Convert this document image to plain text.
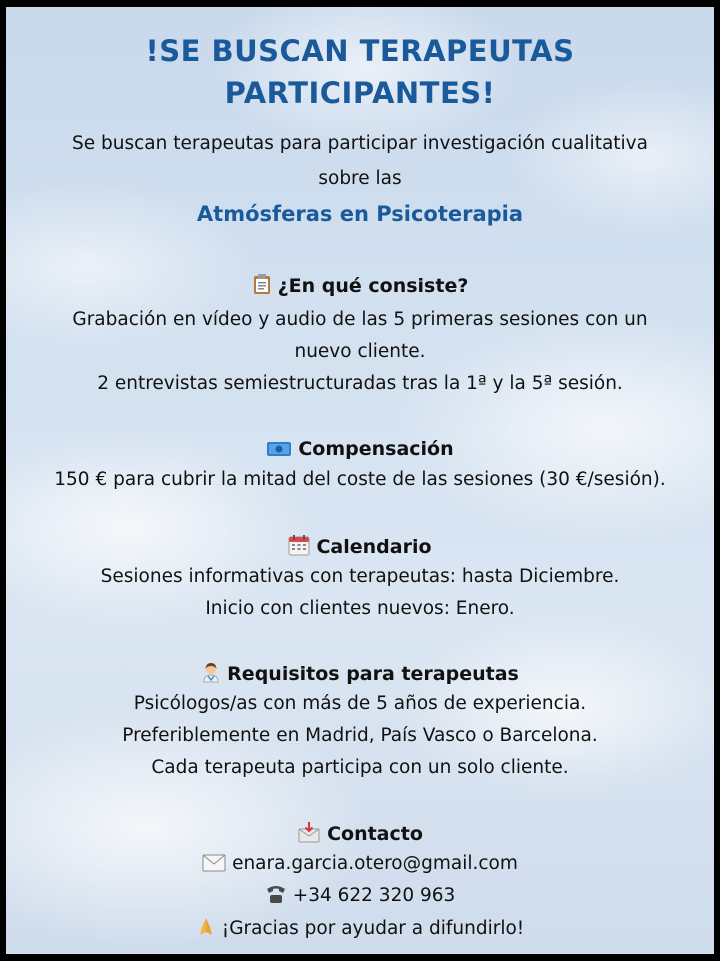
!SE BUSCAN TERAPEUTAS
PARTICIPANTES!
Se buscan terapeutas para participar investigación cualitativa
sobre las
Atmósferas en Psicoterapia
¿En qué consiste?
Grabación en vídeo y audio de las 5 primeras sesiones con un
nuevo cliente.
2 entrevistas semiestructuradas tras la 1ª y la 5ª sesión.
Compensación
150 € para cubrir la mitad del coste de las sesiones (30 €/sesión).
Calendario
Sesiones informativas con terapeutas: hasta Diciembre.
Inicio con clientes nuevos: Enero.
Requisitos para terapeutas
Psicólogos/as con más de 5 años de experiencia.
Preferiblemente en Madrid, País Vasco o Barcelona.
Cada terapeuta participa con un solo cliente.
Contacto
enara.garcia.otero@gmail.com
+34 622 320 963
¡Gracias por ayudar a difundirlo!
